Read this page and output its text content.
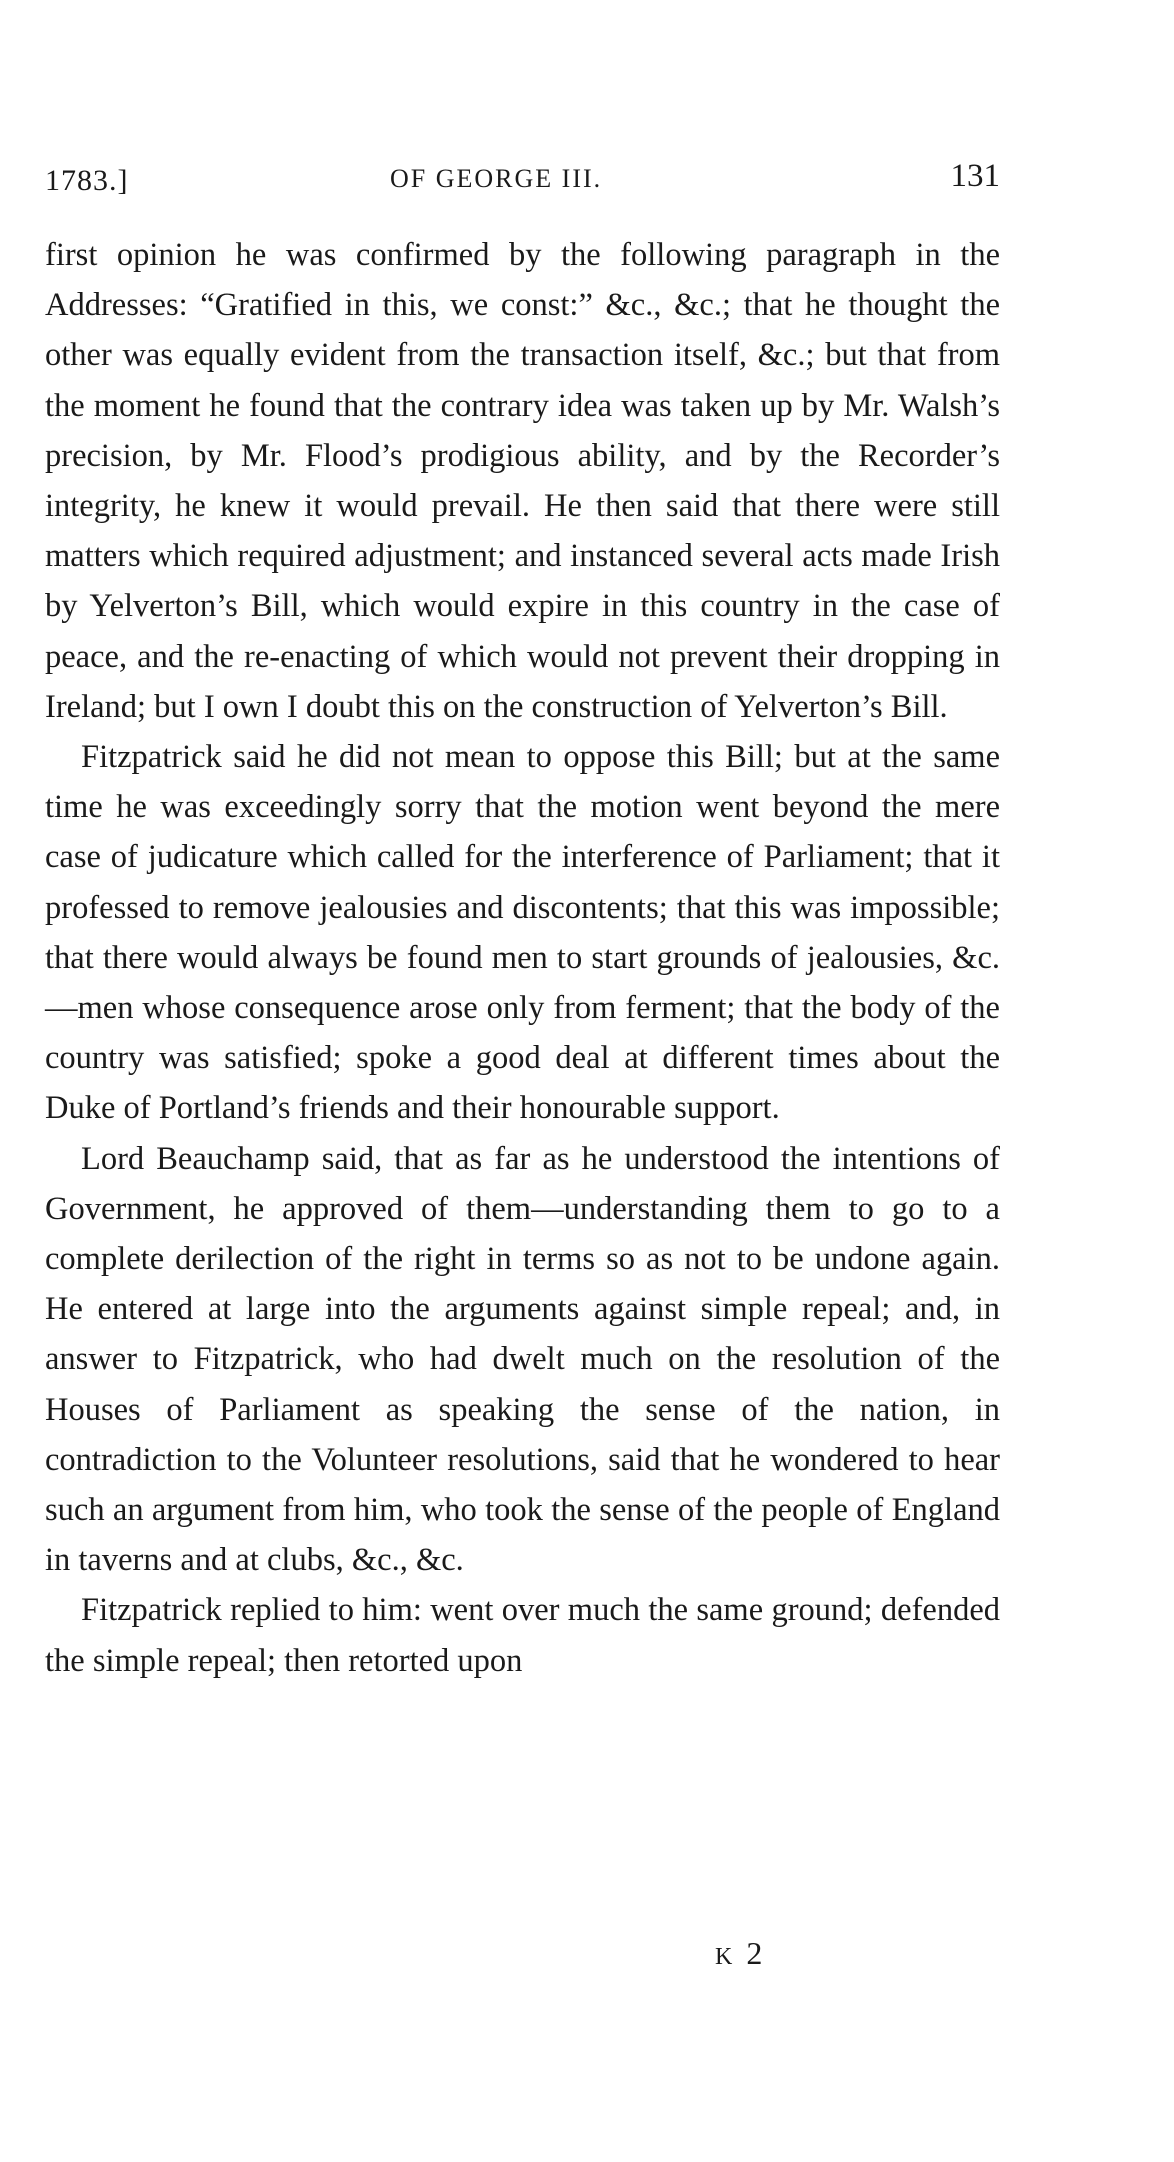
1783.]	OF GEORGE III.	131

first opinion he was confirmed by the following paragraph in the Addresses: “Gratified in this, we const:” &c., &c.; that he thought the other was equally evident from the transaction itself, &c.; but that from the moment he found that the contrary idea was taken up by Mr. Walsh’s precision, by Mr. Flood’s prodigious ability, and by the Recorder’s integrity, he knew it would prevail. He then said that there were still matters which required adjustment; and instanced several acts made Irish by Yelverton’s Bill, which would expire in this country in the case of peace, and the re-enacting of which would not prevent their dropping in Ireland; but I own I doubt this on the construction of Yelverton’s Bill.

Fitzpatrick said he did not mean to oppose this Bill; but at the same time he was exceedingly sorry that the motion went beyond the mere case of judicature which called for the interference of Parliament; that it professed to remove jealousies and discontents; that this was impossible; that there would always be found men to start grounds of jealousies, &c.—men whose consequence arose only from ferment; that the body of the country was satisfied; spoke a good deal at different times about the Duke of Portland’s friends and their honourable support.

Lord Beauchamp said, that as far as he understood the intentions of Government, he approved of them—understanding them to go to a complete derilection of the right in terms so as not to be undone again. He entered at large into the arguments against simple repeal; and, in answer to Fitzpatrick, who had dwelt much on the resolution of the Houses of Parliament as speaking the sense of the nation, in contradiction to the Volunteer resolutions, said that he wondered to hear such an argument from him, who took the sense of the people of England in taverns and at clubs, &c., &c.

Fitzpatrick replied to him: went over much the same ground; defended the simple repeal; then retorted upon

K 2
